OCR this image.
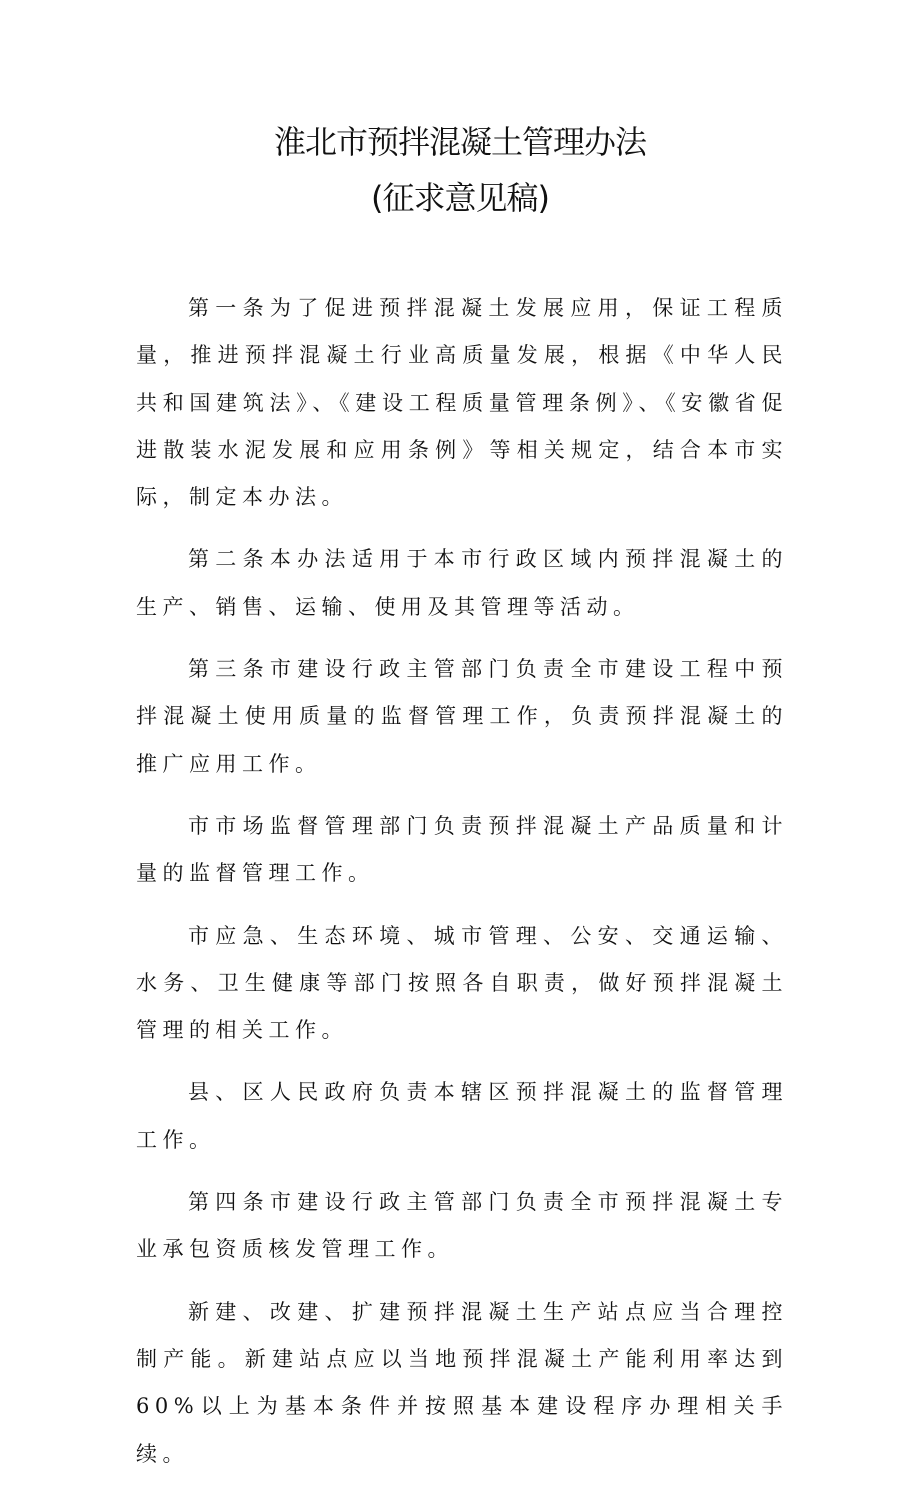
淮北市预拌混凝土管理办法
(征求意见稿)

第一条为了促进预拌混凝土发展应用，保证工程质量，推进预拌混凝土行业高质量发展，根据《中华人民共和国建筑法》、《建设工程质量管理条例》、《安徽省促进散装水泥发展和应用条例》等相关规定，结合本市实际，制定本办法。

第二条本办法适用于本市行政区域内预拌混凝土的生产、销售、运输、使用及其管理等活动。

第三条市建设行政主管部门负责全市建设工程中预拌混凝土使用质量的监督管理工作，负责预拌混凝土的推广应用工作。

市市场监督管理部门负责预拌混凝土产品质量和计量的监督管理工作。

市应急、生态环境、城市管理、公安、交通运输、水务、卫生健康等部门按照各自职责，做好预拌混凝土管理的相关工作。

县、区人民政府负责本辖区预拌混凝土的监督管理工作。

第四条市建设行政主管部门负责全市预拌混凝土专业承包资质核发管理工作。

新建、改建、扩建预拌混凝土生产站点应当合理控制产能。新建站点应以当地预拌混凝土产能利用率达到60%以上为基本条件并按照基本建设程序办理相关手续。
